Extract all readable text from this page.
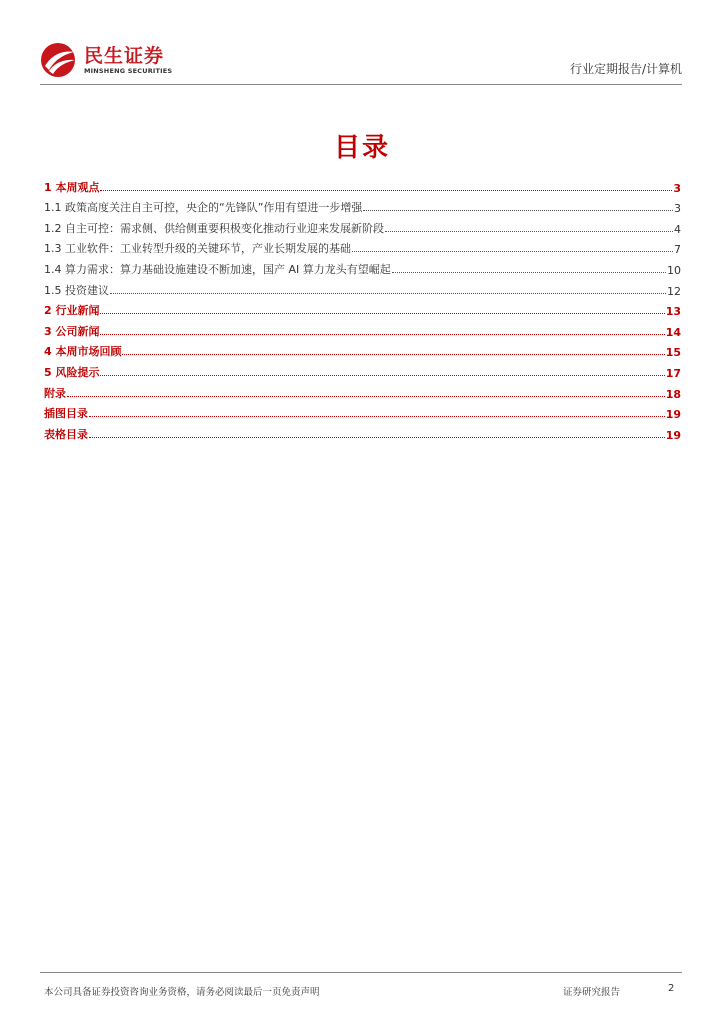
民生证券
MINSHENG SECURITIES	行业定期报告/计算机
目录
1 本周观点	3
1.1 政策高度关注自主可控，央企的“先锋队”作用有望进一步增强	3
1.2 自主可控：需求侧、供给侧重要积极变化推动行业迎来发展新阶段	4
1.3 工业软件：工业转型升级的关键环节，产业长期发展的基础	7
1.4 算力需求：算力基础设施建设不断加速，国产 AI 算力龙头有望崛起	10
1.5 投资建议	12
2 行业新闻	13
3 公司新闻	14
4 本周市场回顾	15
5 风险提示	17
附录	18
插图目录	19
表格目录	19
本公司具备证券投资咨询业务资格，请务必阅读最后一页免责声明	证券研究报告	2
